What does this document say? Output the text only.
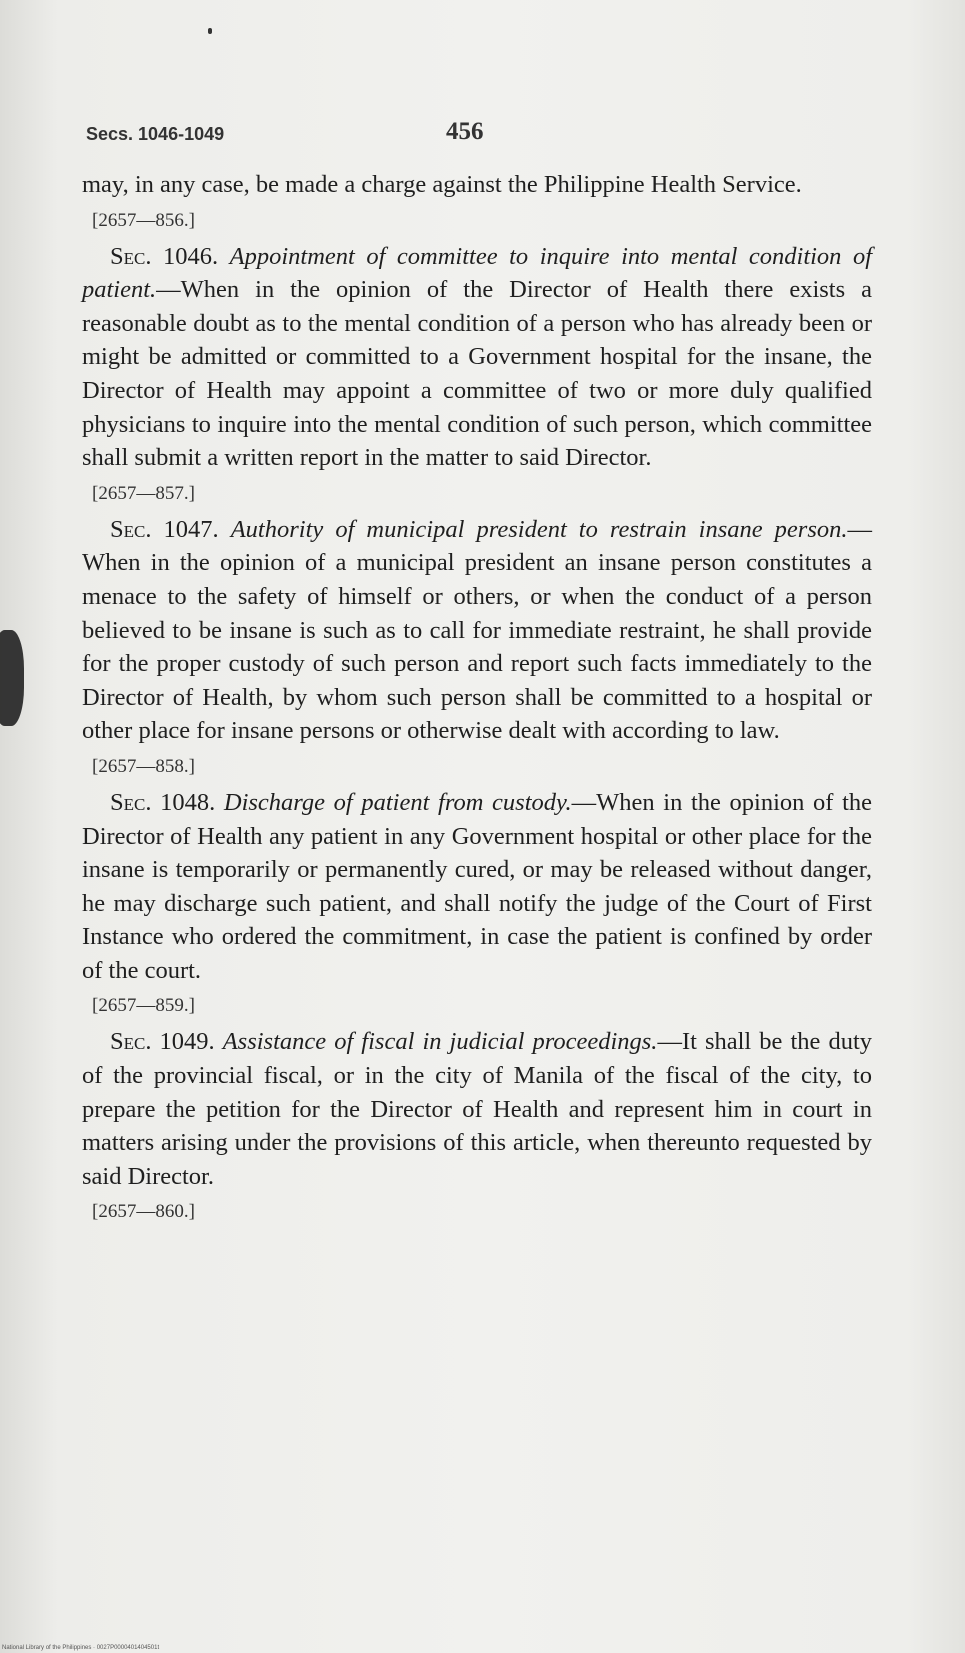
Secs. 1046-1049	456

may, in any case, be made a charge against the Philippine Health Service.

[2657—856.]

Sec. 1046. Appointment of committee to inquire into mental condition of patient.—When in the opinion of the Director of Health there exists a reasonable doubt as to the mental condition of a person who has already been or might be admitted or committed to a Government hospital for the insane, the Director of Health may appoint a committee of two or more duly qualified physicians to inquire into the mental condition of such person, which committee shall submit a written report in the matter to said Director.

[2657—857.]

Sec. 1047. Authority of municipal president to restrain insane person.—When in the opinion of a municipal president an insane person constitutes a menace to the safety of himself or others, or when the conduct of a person believed to be insane is such as to call for immediate restraint, he shall provide for the proper custody of such person and report such facts immediately to the Director of Health, by whom such person shall be committed to a hospital or other place for insane persons or otherwise dealt with according to law.

[2657—858.]

Sec. 1048. Discharge of patient from custody.—When in the opinion of the Director of Health any patient in any Government hospital or other place for the insane is temporarily or permanently cured, or may be released without danger, he may discharge such patient, and shall notify the judge of the Court of First Instance who ordered the commitment, in case the patient is confined by order of the court.

[2657—859.]

Sec. 1049. Assistance of fiscal in judicial proceedings.—It shall be the duty of the provincial fiscal, or in the city of Manila of the fiscal of the city, to prepare the petition for the Director of Health and represent him in court in matters arising under the provisions of this article, when thereunto requested by said Director.

[2657—860.]

National Library of the Philippines · 0027P0000401404501t
